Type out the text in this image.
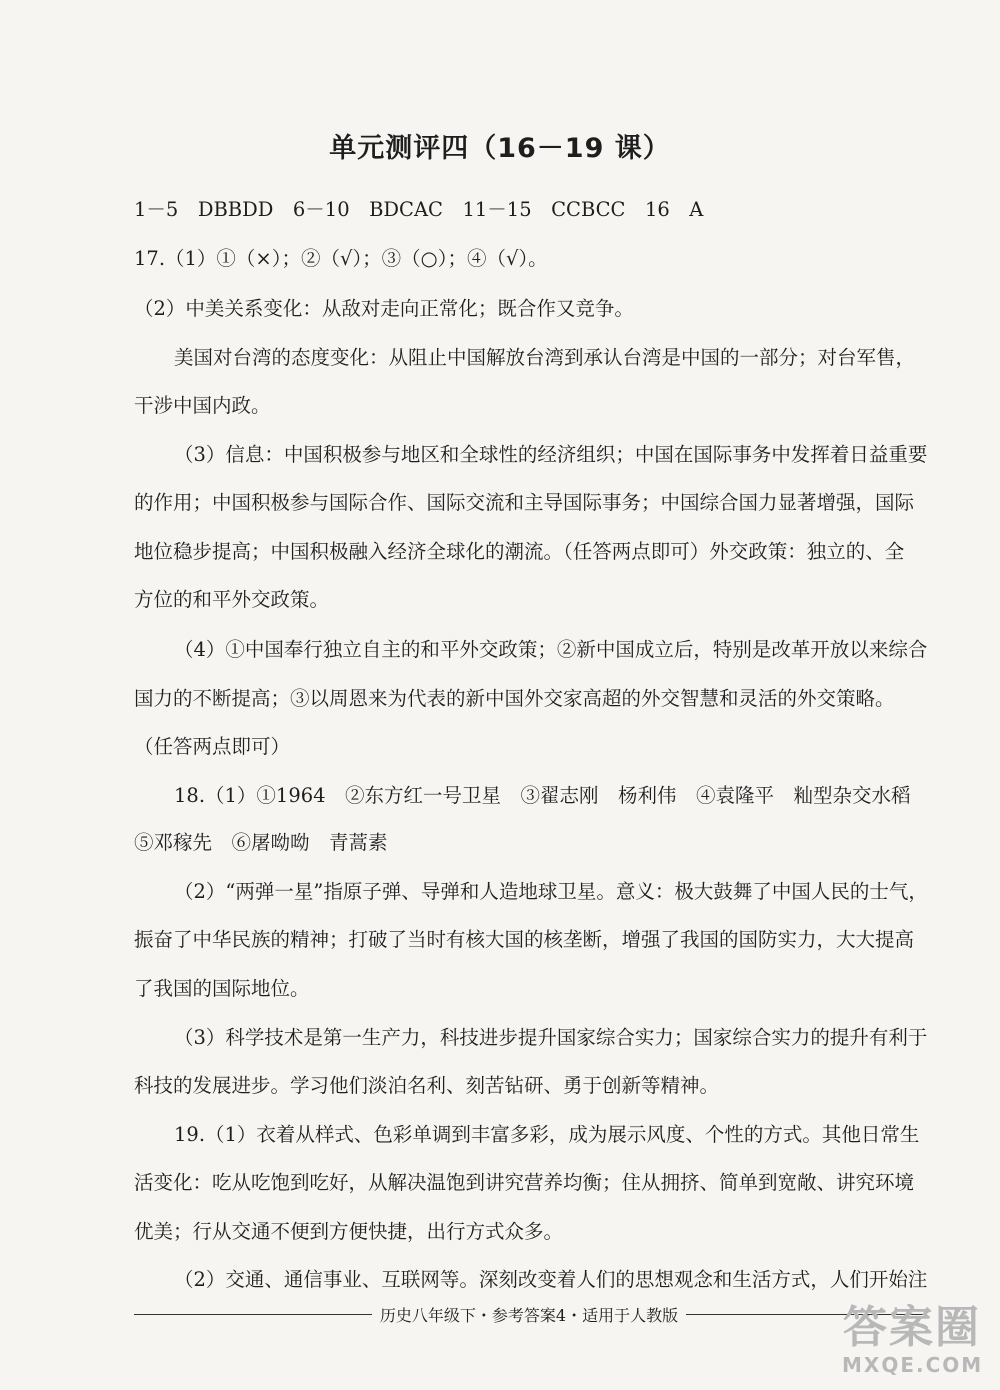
单元测评四（16－19 课）
1－5　DBBDD　6－10　BDCAC　11－15　CCBCC　16　A
17.（1）①（×）；②（√）；③（○）；④（√）。
（2）中美关系变化：从敌对走向正常化；既合作又竞争。
美国对台湾的态度变化：从阻止中国解放台湾到承认台湾是中国的一部分；对台军售，
干涉中国内政。
（3）信息：中国积极参与地区和全球性的经济组织；中国在国际事务中发挥着日益重要
的作用；中国积极参与国际合作、国际交流和主导国际事务；中国综合国力显著增强，国际
地位稳步提高；中国积极融入经济全球化的潮流。（任答两点即可）外交政策：独立的、全
方位的和平外交政策。
（4）①中国奉行独立自主的和平外交政策；②新中国成立后，特别是改革开放以来综合
国力的不断提高；③以周恩来为代表的新中国外交家高超的外交智慧和灵活的外交策略。
（任答两点即可）
18.（1）①1964　②东方红一号卫星　③翟志刚　杨利伟　④袁隆平　籼型杂交水稻
⑤邓稼先　⑥屠呦呦　青蒿素
（2）“两弹一星”指原子弹、导弹和人造地球卫星。意义：极大鼓舞了中国人民的士气，
振奋了中华民族的精神；打破了当时有核大国的核垄断，增强了我国的国防实力，大大提高
了我国的国际地位。
（3）科学技术是第一生产力，科技进步提升国家综合实力；国家综合实力的提升有利于
科技的发展进步。学习他们淡泊名利、刻苦钻研、勇于创新等精神。
19.（1）衣着从样式、色彩单调到丰富多彩，成为展示风度、个性的方式。其他日常生
活变化：吃从吃饱到吃好，从解决温饱到讲究营养均衡；住从拥挤、简单到宽敞、讲究环境
优美；行从交通不便到方便快捷，出行方式众多。
（2）交通、通信事业、互联网等。深刻改变着人们的思想观念和生活方式，人们开始注
历史八年级下・参考答案4・适用于人教版	答案圈
MXQE.COM
